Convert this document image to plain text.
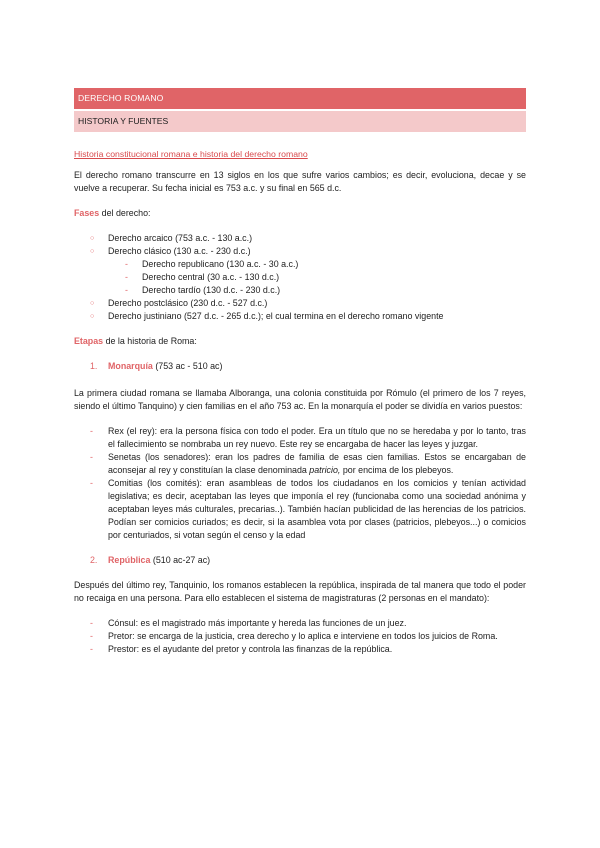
DERECHO ROMANO
HISTORIA Y FUENTES
Historia constitucional romana e historia del derecho romano
El derecho romano transcurre en 13 siglos en los que sufre varios cambios; es decir, evoluciona, decae y se vuelve a recuperar. Su fecha inicial es 753 a.c. y su final en 565 d.c.
Fases del derecho:
○ Derecho arcaico (753 a.c. - 130 a.c.)
○ Derecho clásico (130 a.c. - 230 d.c.)
- Derecho republicano (130 a.c. - 30 a.c.)
- Derecho central (30 a.c. - 130 d.c.)
- Derecho tardío (130 d.c. - 230 d.c.)
○ Derecho postclásico (230 d.c. - 527 d.c.)
○ Derecho justiniano (527 d.c. - 265 d.c.); el cual termina en el derecho romano vigente
Etapas de la historia de Roma:
1. Monarquía (753 ac - 510 ac)
La primera ciudad romana se llamaba Alboranga, una colonia constituida por Rómulo (el primero de los 7 reyes, siendo el último Tanquino) y cien familias en el año 753 ac. En la monarquía el poder se dividía en varios puestos:
- Rex (el rey): era la persona física con todo el poder. Era un título que no se heredaba y por lo tanto, tras el fallecimiento se nombraba un rey nuevo. Este rey se encargaba de hacer las leyes y juzgar.
- Senetas (los senadores): eran los padres de familia de esas cien familias. Estos se encargaban de aconsejar al rey y constituían la clase denominada patricio, por encima de los plebeyos.
- Comitias (los comités): eran asambleas de todos los ciudadanos en los comicios y tenían actividad legislativa; es decir, aceptaban las leyes que imponía el rey (funcionaba como una sociedad anónima y aceptaban leyes más culturales, precarias..). También hacían publicidad de las herencias de los patricios. Podían ser comicios curiados; es decir, si la asamblea vota por clases (patricios, plebeyos...) o comicios por centuriados, si votan según el censo y la edad
2. República (510 ac-27 ac)
Después del último rey, Tanquinio, los romanos establecen la república, inspirada de tal manera que todo el poder no recaiga en una persona. Para ello establecen el sistema de magistraturas (2 personas en el mandato):
- Cónsul: es el magistrado más importante y hereda las funciones de un juez.
- Pretor: se encarga de la justicia, crea derecho y lo aplica e interviene en todos los juicios de Roma.
- Prestor: es el ayudante del pretor y controla las finanzas de la república.
